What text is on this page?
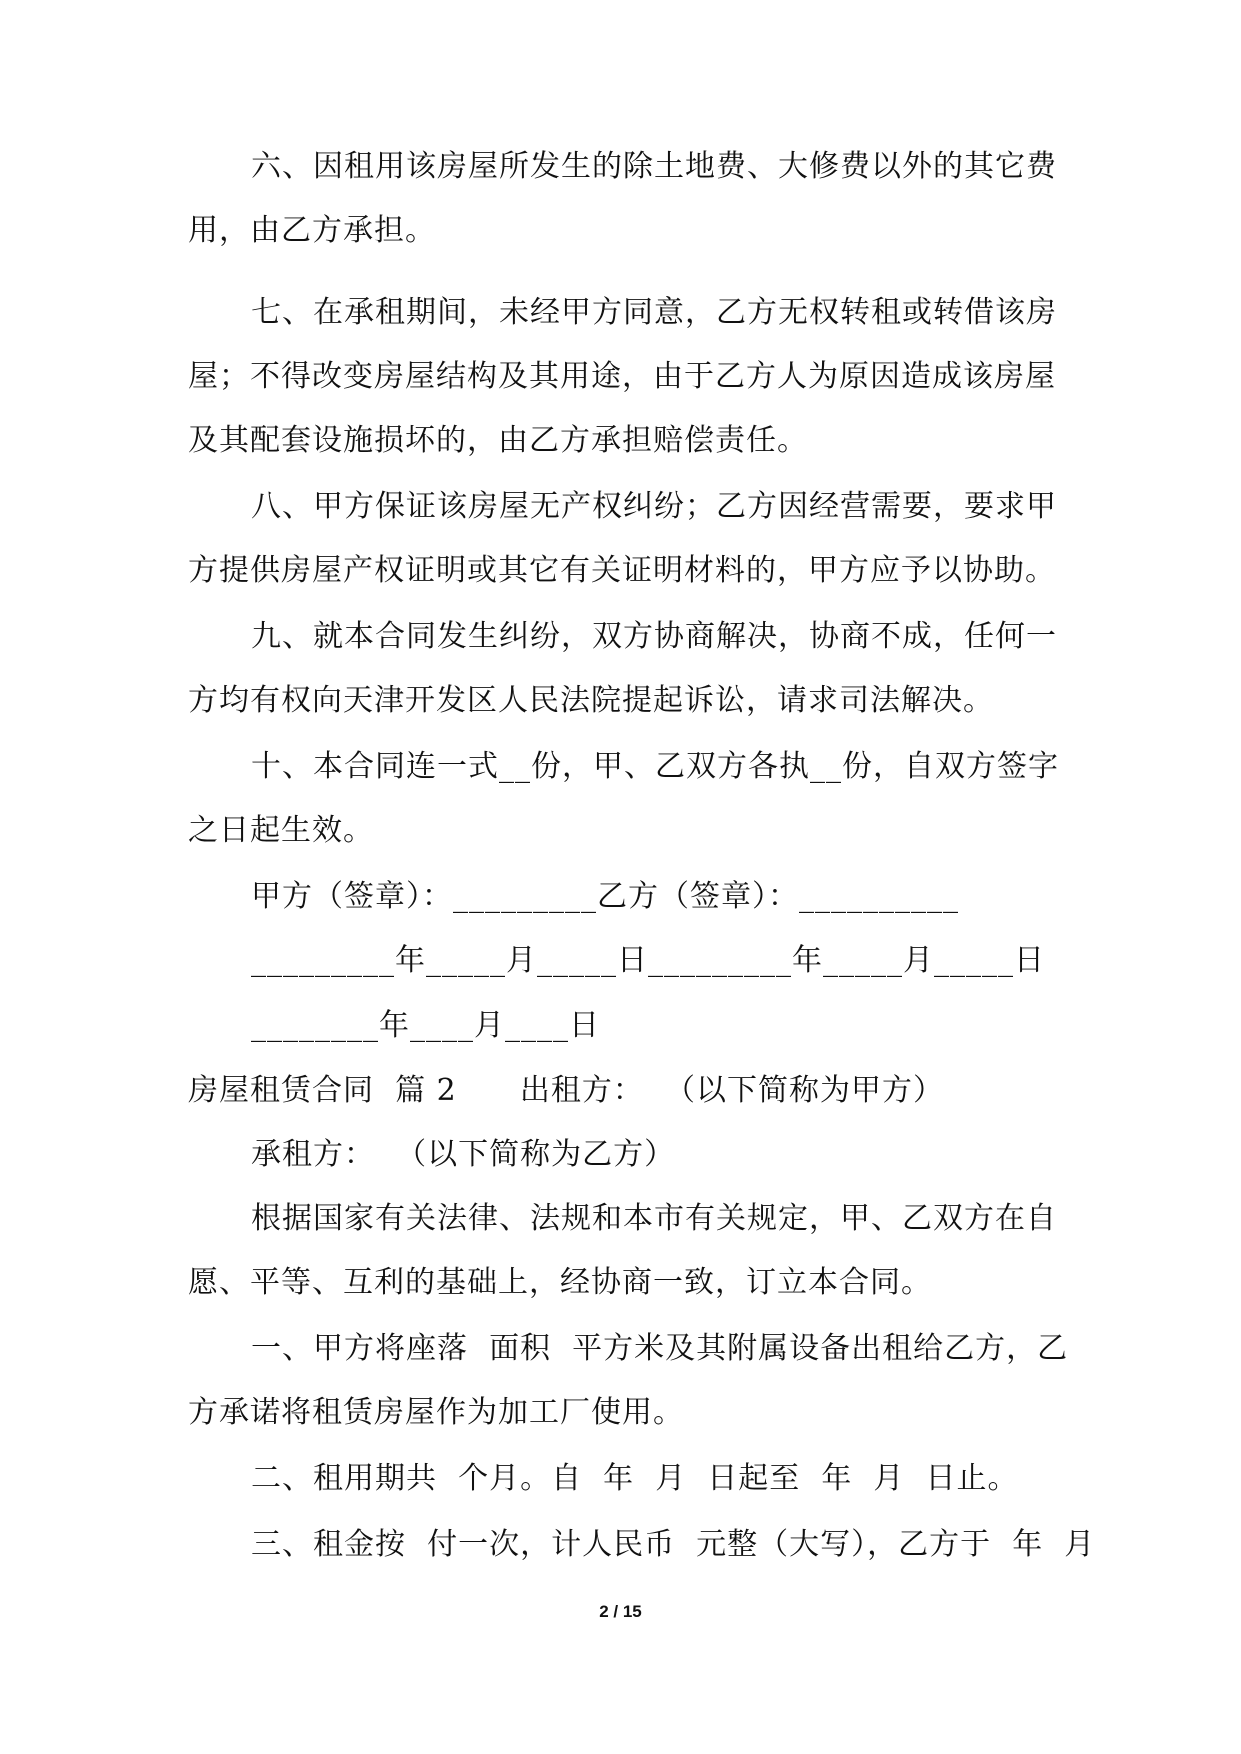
六、因租用该房屋所发生的除土地费、大修费以外的其它费
用，由乙方承担。
七、在承租期间，未经甲方同意，乙方无权转租或转借该房
屋；不得改变房屋结构及其用途，由于乙方人为原因造成该房屋
及其配套设施损坏的，由乙方承担赔偿责任。
八、甲方保证该房屋无产权纠纷；乙方因经营需要，要求甲
方提供房屋产权证明或其它有关证明材料的，甲方应予以协助。
九、就本合同发生纠纷，双方协商解决，协商不成，任何一
方均有权向天津开发区人民法院提起诉讼，请求司法解决。
十、本合同连一式__份，甲、乙双方各执__份，自双方签字
之日起生效。
甲方（签章）：_________乙方（签章）：__________
_________年_____月_____日_________年_____月_____日
________年____月____日
房屋租赁合同  篇 2      出租方：  （以下简称为甲方）
承租方：  （以下简称为乙方）
根据国家有关法律、法规和本市有关规定，甲、乙双方在自
愿、平等、互利的基础上，经协商一致，订立本合同。
一、甲方将座落  面积  平方米及其附属设备出租给乙方，乙
方承诺将租赁房屋作为加工厂使用。
二、租用期共  个月。自  年  月  日起至  年  月  日止。
三、租金按  付一次，计人民币  元整（大写），乙方于  年  月
2 / 15
